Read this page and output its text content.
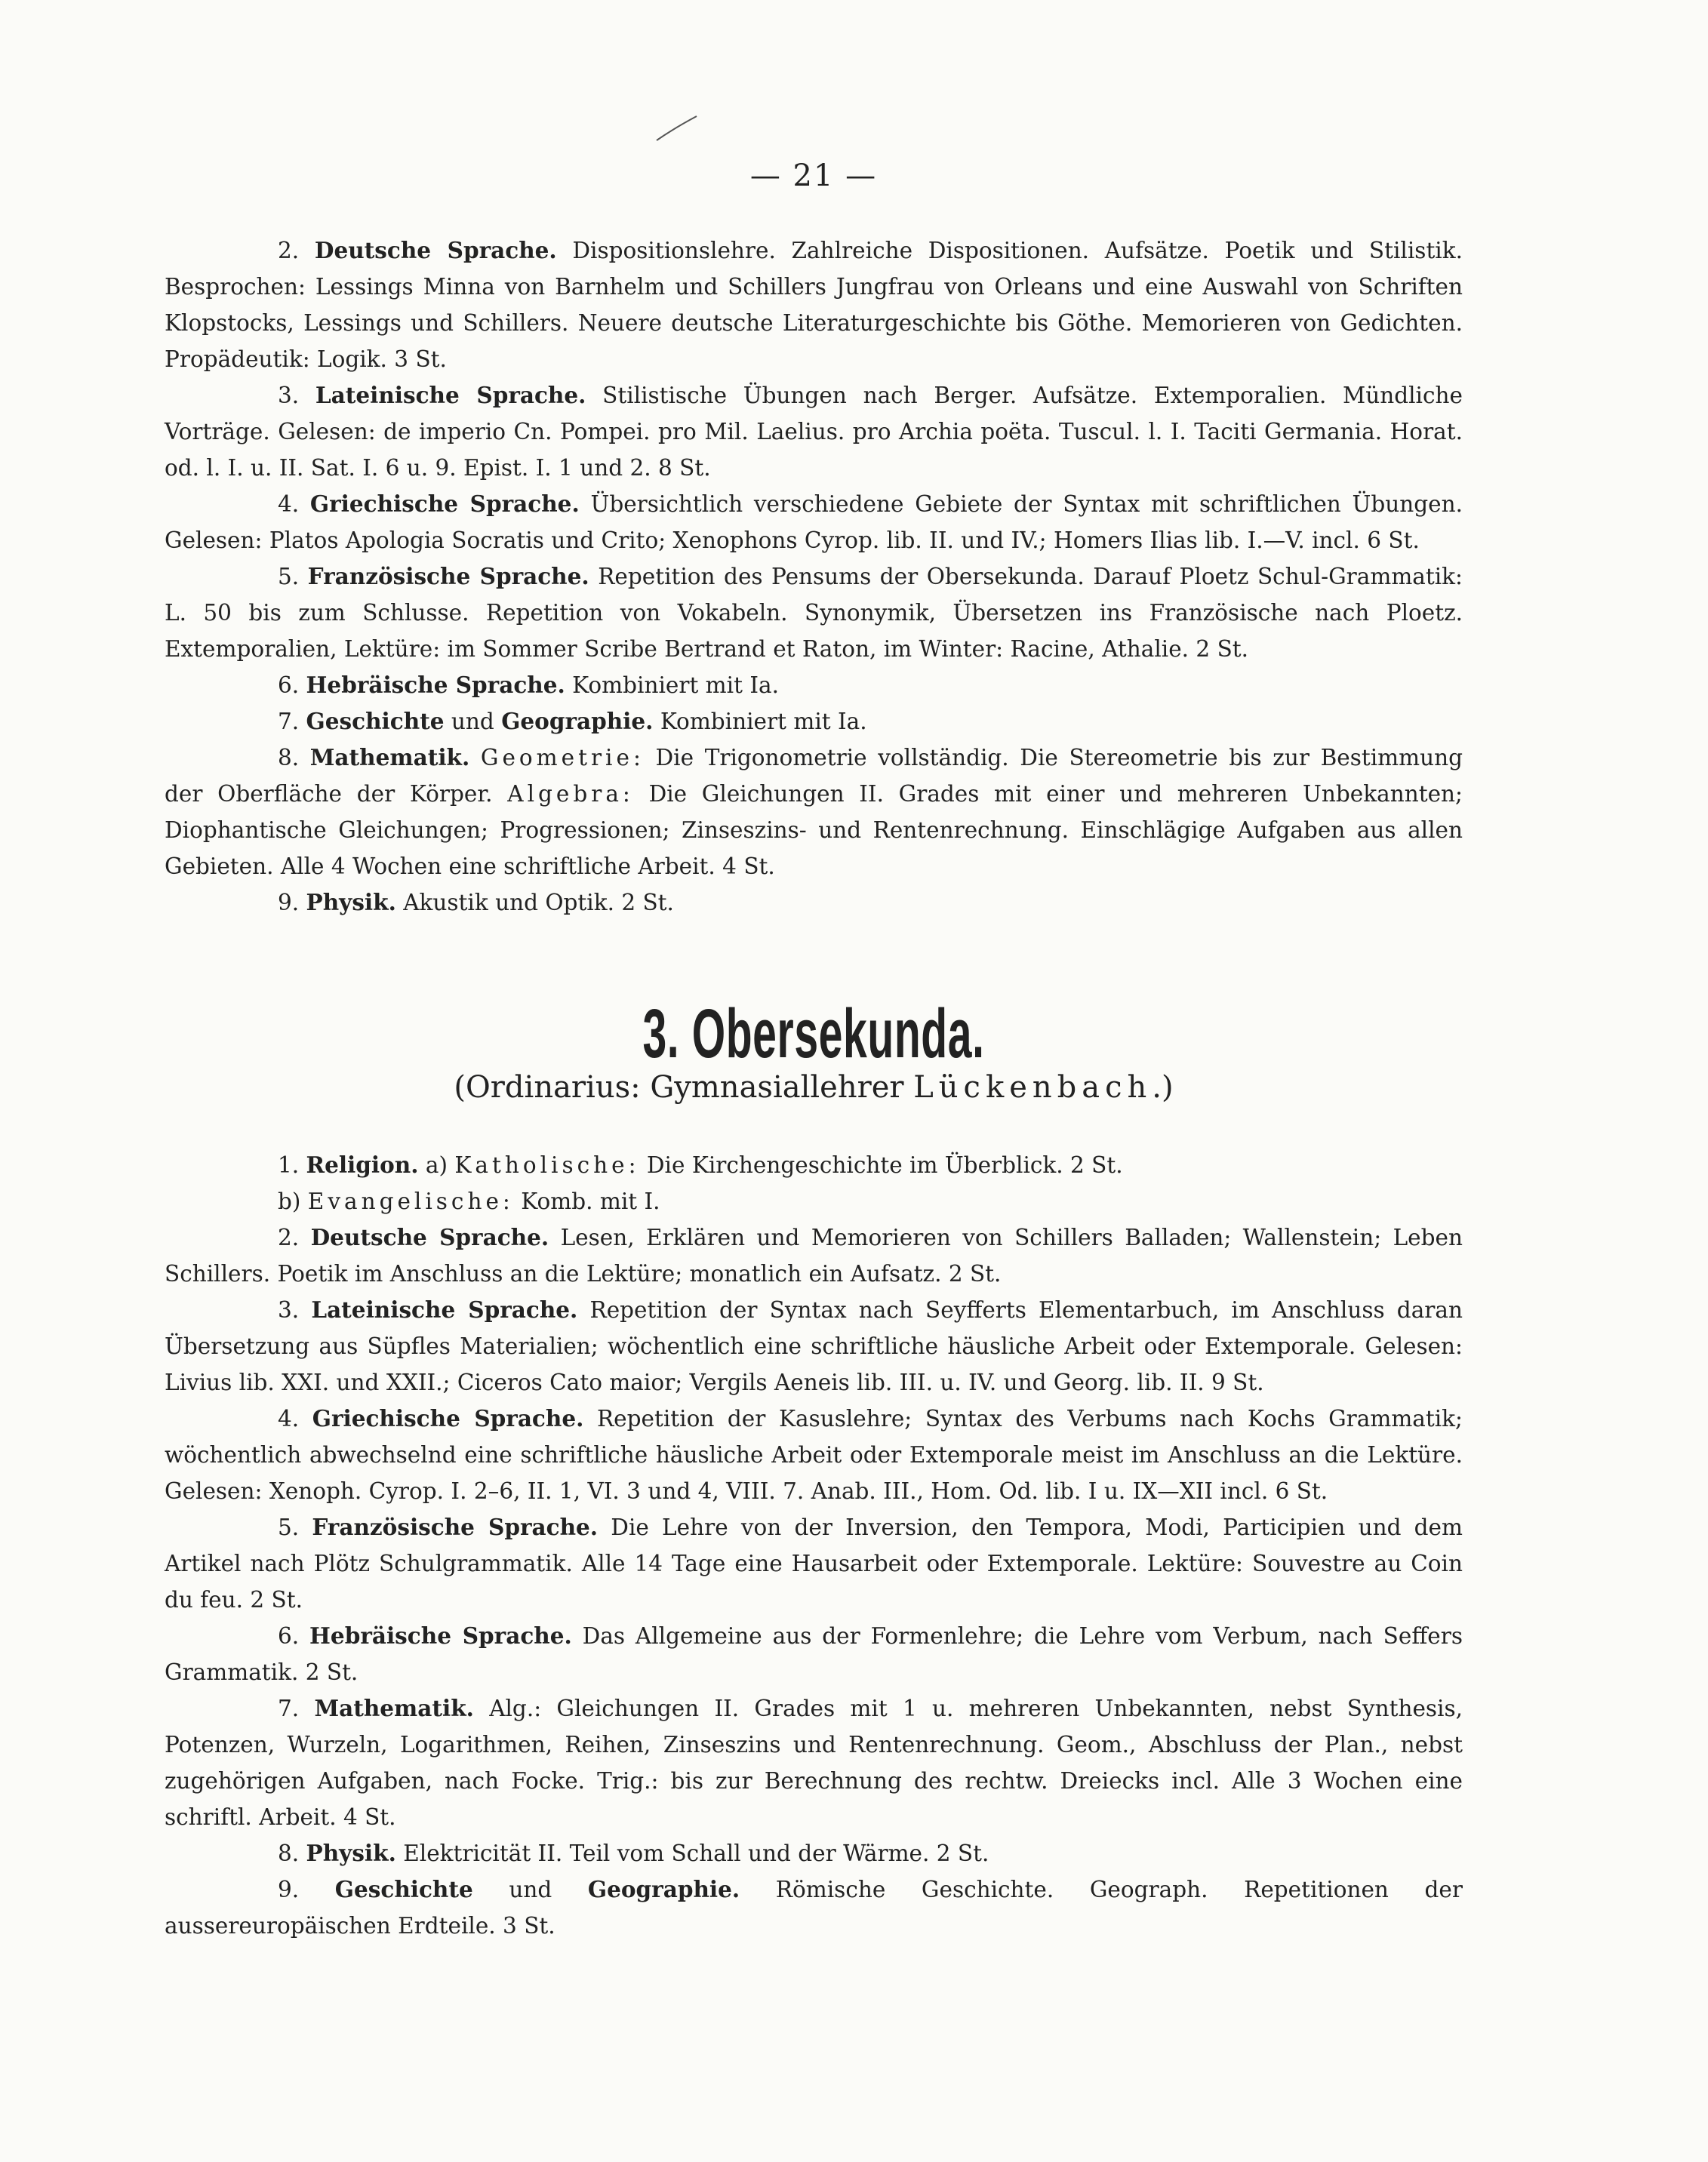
— 21 —

2. Deutsche Sprache. Dispositionslehre. Zahlreiche Dispositionen. Aufsätze. Poetik und Stilistik. Besprochen: Lessings Minna von Barnhelm und Schillers Jungfrau von Orleans und eine Auswahl von Schriften Klopstocks, Lessings und Schillers. Neuere deutsche Literaturgeschichte bis Göthe. Memorieren von Gedichten. Propädeutik: Logik. 3 St.

3. Lateinische Sprache. Stilistische Übungen nach Berger. Aufsätze. Extemporalien. Mündliche Vorträge. Gelesen: de imperio Cn. Pompei. pro Mil. Laelius. pro Archia poëta. Tuscul. l. I. Taciti Germania. Horat. od. l. I. u. II. Sat. I. 6 u. 9. Epist. I. 1 und 2. 8 St.

4. Griechische Sprache. Übersichtlich verschiedene Gebiete der Syntax mit schriftlichen Übungen. Gelesen: Platos Apologia Socratis und Crito; Xenophons Cyrop. lib. II. und IV.; Homers Ilias lib. I.—V. incl. 6 St.

5. Französische Sprache. Repetition des Pensums der Obersekunda. Darauf Ploetz Schul-Grammatik: L. 50 bis zum Schlusse. Repetition von Vokabeln. Synonymik, Übersetzen ins Französische nach Ploetz. Extemporalien, Lektüre: im Sommer Scribe Bertrand et Raton, im Winter: Racine, Athalie. 2 St.

6. Hebräische Sprache. Kombiniert mit Ia.

7. Geschichte und Geographie. Kombiniert mit Ia.

8. Mathematik. Geometrie: Die Trigonometrie vollständig. Die Stereometrie bis zur Bestimmung der Oberfläche der Körper. Algebra: Die Gleichungen II. Grades mit einer und mehreren Unbekannten; Diophantische Gleichungen; Progressionen; Zinseszins- und Rentenrechnung. Einschlägige Aufgaben aus allen Gebieten. Alle 4 Wochen eine schriftliche Arbeit. 4 St.

9. Physik. Akustik und Optik. 2 St.

3. Obersekunda.
(Ordinarius: Gymnasiallehrer Lückenbach.)

1. Religion. a) Katholische: Die Kirchengeschichte im Überblick. 2 St.

b) Evangelische: Komb. mit I.

2. Deutsche Sprache. Lesen, Erklären und Memorieren von Schillers Balladen; Wallenstein; Leben Schillers. Poetik im Anschluss an die Lektüre; monatlich ein Aufsatz. 2 St.

3. Lateinische Sprache. Repetition der Syntax nach Seyfferts Elementarbuch, im Anschluss daran Übersetzung aus Süpfles Materialien; wöchentlich eine schriftliche häusliche Arbeit oder Extemporale. Gelesen: Livius lib. XXI. und XXII.; Ciceros Cato maior; Vergils Aeneis lib. III. u. IV. und Georg. lib. II. 9 St.

4. Griechische Sprache. Repetition der Kasuslehre; Syntax des Verbums nach Kochs Grammatik; wöchentlich abwechselnd eine schriftliche häusliche Arbeit oder Extemporale meist im Anschluss an die Lektüre. Gelesen: Xenoph. Cyrop. I. 2–6, II. 1, VI. 3 und 4, VIII. 7. Anab. III., Hom. Od. lib. I u. IX—XII incl. 6 St.

5. Französische Sprache. Die Lehre von der Inversion, den Tempora, Modi, Participien und dem Artikel nach Plötz Schulgrammatik. Alle 14 Tage eine Hausarbeit oder Extemporale. Lektüre: Souvestre au Coin du feu. 2 St.

6. Hebräische Sprache. Das Allgemeine aus der Formenlehre; die Lehre vom Verbum, nach Seffers Grammatik. 2 St.

7. Mathematik. Alg.: Gleichungen II. Grades mit 1 u. mehreren Unbekannten, nebst Synthesis, Potenzen, Wurzeln, Logarithmen, Reihen, Zinseszins und Rentenrechnung. Geom., Abschluss der Plan., nebst zugehörigen Aufgaben, nach Focke. Trig.: bis zur Berechnung des rechtw. Dreiecks incl. Alle 3 Wochen eine schriftl. Arbeit. 4 St.

8. Physik. Elektricität II. Teil vom Schall und der Wärme. 2 St.

9. Geschichte und Geographie. Römische Geschichte. Geograph. Repetitionen der aussereuropäischen Erdteile. 3 St.
